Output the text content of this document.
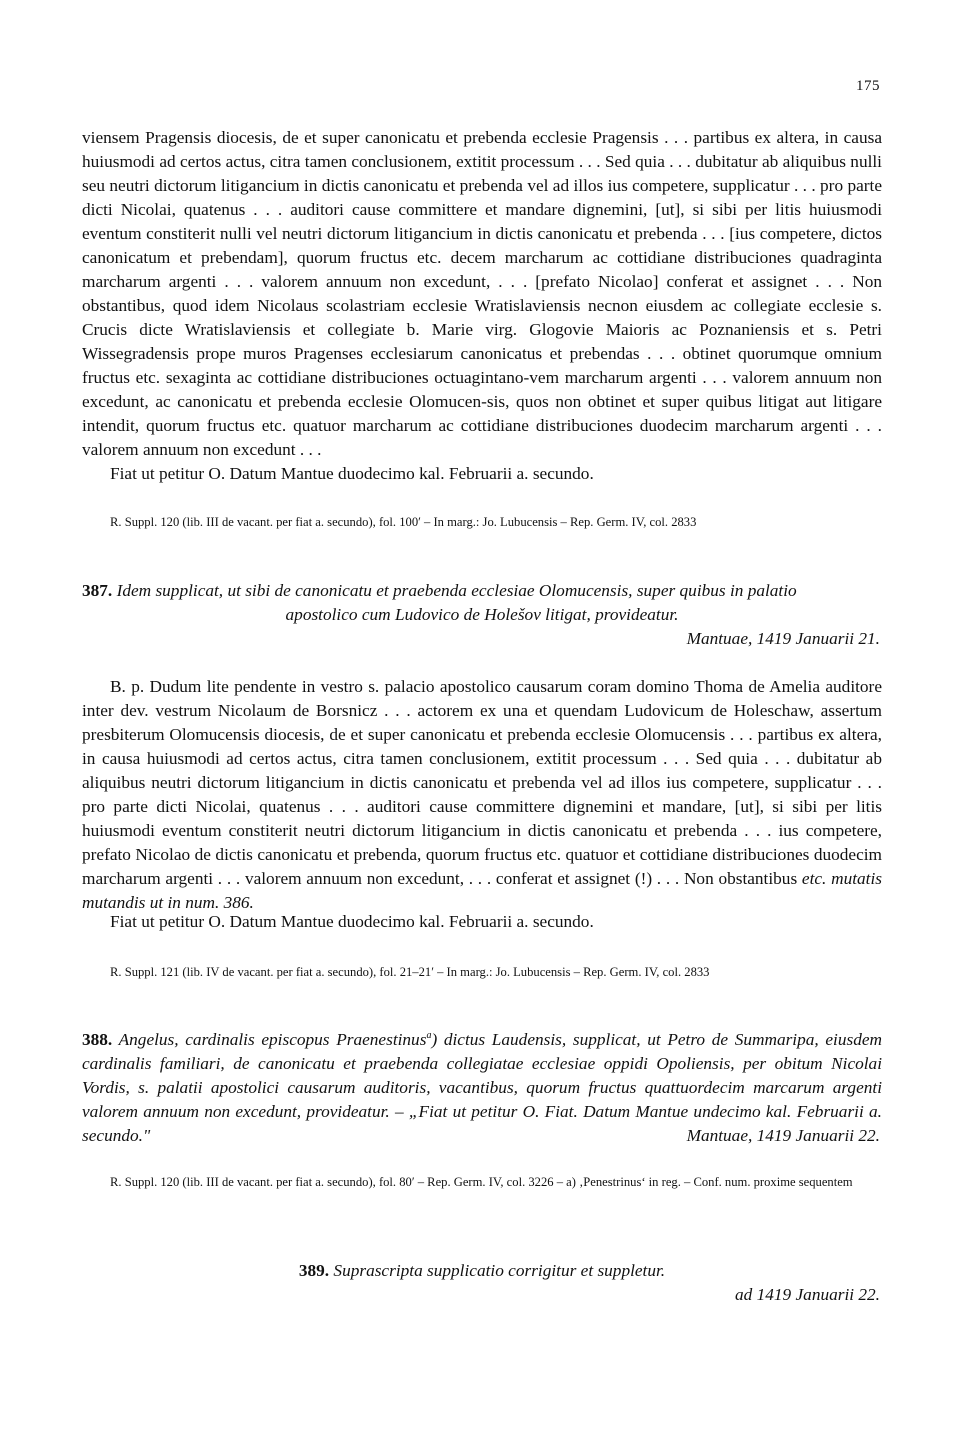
175

viensem Pragensis diocesis, de et super canonicatu et prebenda ecclesie Pragensis . . . partibus ex altera, in causa huiusmodi ad certos actus, citra tamen conclusionem, extitit processum . . . Sed quia . . . dubitatur ab aliquibus nulli seu neutri dictorum litigancium in dictis canonicatu et prebenda vel ad illos ius competere, supplicatur . . . pro parte dicti Nicolai, quatenus . . . auditori cause committere et mandare dignemini, [ut], si sibi per litis huiusmodi eventum constiterit nulli vel neutri dictorum litigancium in dictis canonicatu et prebenda . . . [ius competere, dictos canonicatum et prebendam], quorum fructus etc. decem marcharum ac cottidiane distribuciones quadraginta marcharum argenti . . . valorem annuum non excedunt, . . . [prefato Nicolao] conferat et assignet . . . Non obstantibus, quod idem Nicolaus scolastriam ecclesie Wratislaviensis necnon eiusdem ac collegiate ecclesie s. Crucis dicte Wratislaviensis et collegiate b. Marie virg. Glogovie Maioris ac Poznaniensis et s. Petri Wissegradensis prope muros Pragenses ecclesiarum canonicatus et prebendas . . . obtinet quorumque omnium fructus etc. sexaginta ac cottidiane distribuciones octuagintano-vem marcharum argenti . . . valorem annuum non excedunt, ac canonicatu et prebenda ecclesie Olomucen-sis, quos non obtinet et super quibus litigat aut litigare intendit, quorum fructus etc. quatuor marcharum ac cottidiane distribuciones duodecim marcharum argenti . . . valorem annuum non excedunt . . .

Fiat ut petitur O. Datum Mantue duodecimo kal. Februarii a. secundo.

R. Suppl. 120 (lib. III de vacant. per fiat a. secundo), fol. 100′ – In marg.: Jo. Lubucensis – Rep. Germ. IV, col. 2833

387. Idem supplicat, ut sibi de canonicatu et praebenda ecclesiae Olomucensis, super quibus in palatio
apostolico cum Ludovico de Holešov litigat, provideatur.

Mantuae, 1419 Januarii 21.

B. p. Dudum lite pendente in vestro s. palacio apostolico causarum coram domino Thoma de Amelia auditore inter dev. vestrum Nicolaum de Borsnicz . . . actorem ex una et quendam Ludovicum de Holeschaw, assertum presbiterum Olomucensis diocesis, de et super canonicatu et prebenda ecclesie Olomucensis . . . partibus ex altera, in causa huiusmodi ad certos actus, citra tamen conclusionem, extitit processum . . . Sed quia . . . dubitatur ab aliquibus neutri dictorum litigancium in dictis canonicatu et prebenda vel ad illos ius competere, supplicatur . . . pro parte dicti Nicolai, quatenus . . . auditori cause committere dignemini et mandare, [ut], si sibi per litis huiusmodi eventum constiterit neutri dictorum litigancium in dictis canonicatu et prebenda . . . ius competere, prefato Nicolao de dictis canonicatu et prebenda, quorum fructus etc. quatuor et cottidiane distribuciones duodecim marcharum argenti . . . valorem annuum non excedunt, . . . conferat et assignet (!) . . . Non obstantibus etc. mutatis mutandis ut in num. 386.

Fiat ut petitur O. Datum Mantue duodecimo kal. Februarii a. secundo.

R. Suppl. 121 (lib. IV de vacant. per fiat a. secundo), fol. 21–21′ – In marg.: Jo. Lubucensis – Rep. Germ. IV, col. 2833

388. Angelus, cardinalis episcopus Praenestinus$^a$) dictus Laudensis, supplicat, ut Petro de Summaripa, eiusdem cardinalis familiari, de canonicatu et praebenda collegiatae ecclesiae oppidi Opoliensis, per obitum Nicolai Vordis, s. palatii apostolici causarum auditoris, vacantibus, quorum fructus quattuordecim marcarum argenti valorem annuum non excedunt, provideatur. – „Fiat ut petitur O. Fiat. Datum Mantue undecimo kal. Februarii a. secundo."	Mantuae, 1419 Januarii 22.

R. Suppl. 120 (lib. III de vacant. per fiat a. secundo), fol. 80′ – Rep. Germ. IV, col. 3226 – a) ‚Penestrinus‘ in reg. – Conf. num. proxime sequentem

389. Suprascripta supplicatio corrigitur et suppletur.

ad 1419 Januarii 22.
